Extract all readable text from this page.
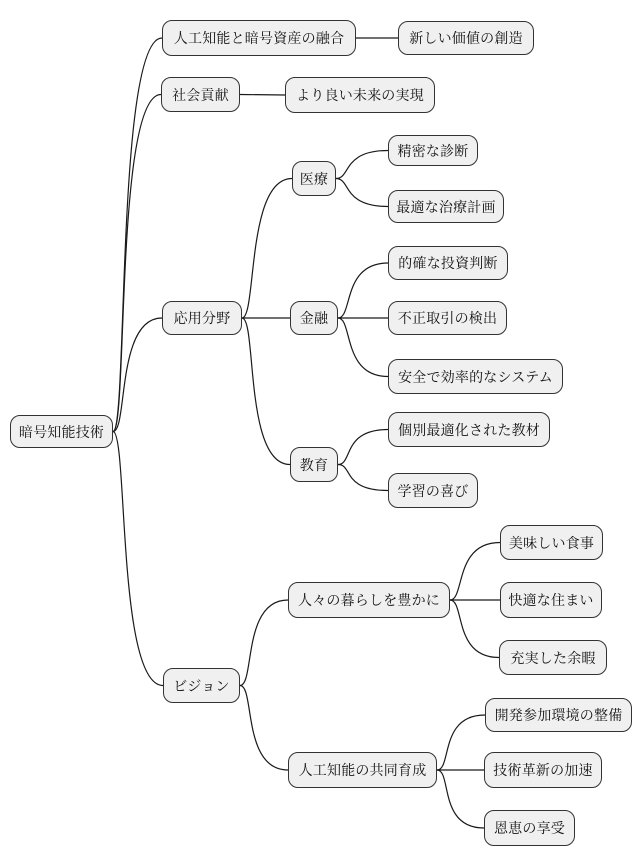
暗号知能技術
人工知能と暗号資産の融合	新しい価値の創造
社会貢献	より良い未来の実現
応用分野
医療
精密な診断
最適な治療計画
金融
的確な投資判断
不正取引の検出
安全で効率的なシステム
教育
個別最適化された教材
学習の喜び
ビジョン
人々の暮らしを豊かに
美味しい食事
快適な住まい
充実した余暇
人工知能の共同育成
開発参加環境の整備
技術革新の加速
恩恵の享受
